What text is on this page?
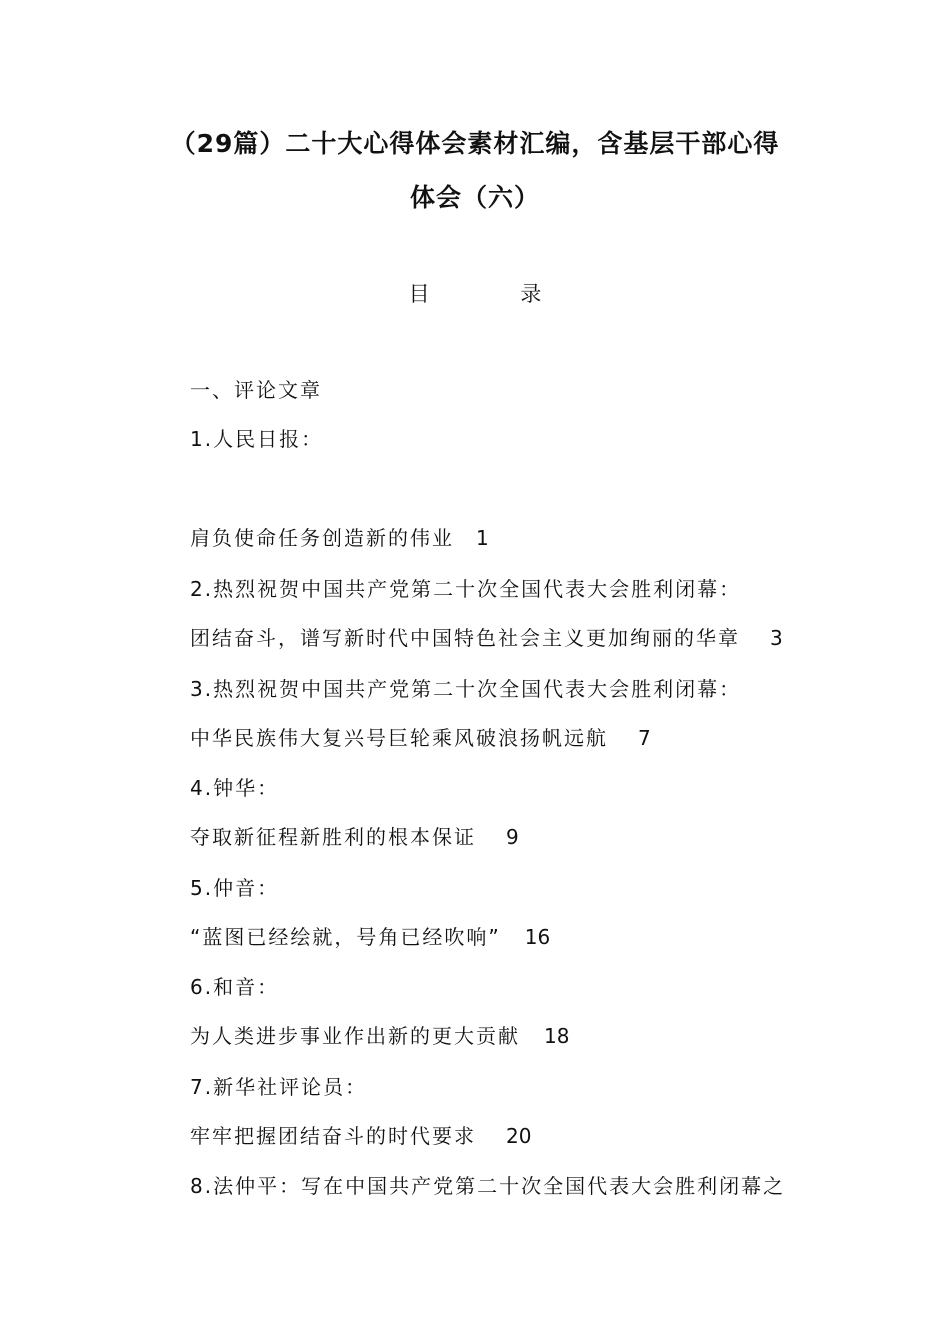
（29篇）二十大心得体会素材汇编，含基层干部心得
体会（六）
目 录
一、评论文章
1.人民日报：
肩负使命任务创造新的伟业 1
2.热烈祝贺中国共产党第二十次全国代表大会胜利闭幕：
团结奋斗，谱写新时代中国特色社会主义更加绚丽的华章 3
3.热烈祝贺中国共产党第二十次全国代表大会胜利闭幕：
中华民族伟大复兴号巨轮乘风破浪扬帆远航 7
4.钟华：
夺取新征程新胜利的根本保证 9
5.仲音：
“蓝图已经绘就，号角已经吹响” 16
6.和音：
为人类进步事业作出新的更大贡献 18
7.新华社评论员：
牢牢把握团结奋斗的时代要求 20
8.法仲平：写在中国共产党第二十次全国代表大会胜利闭幕之
